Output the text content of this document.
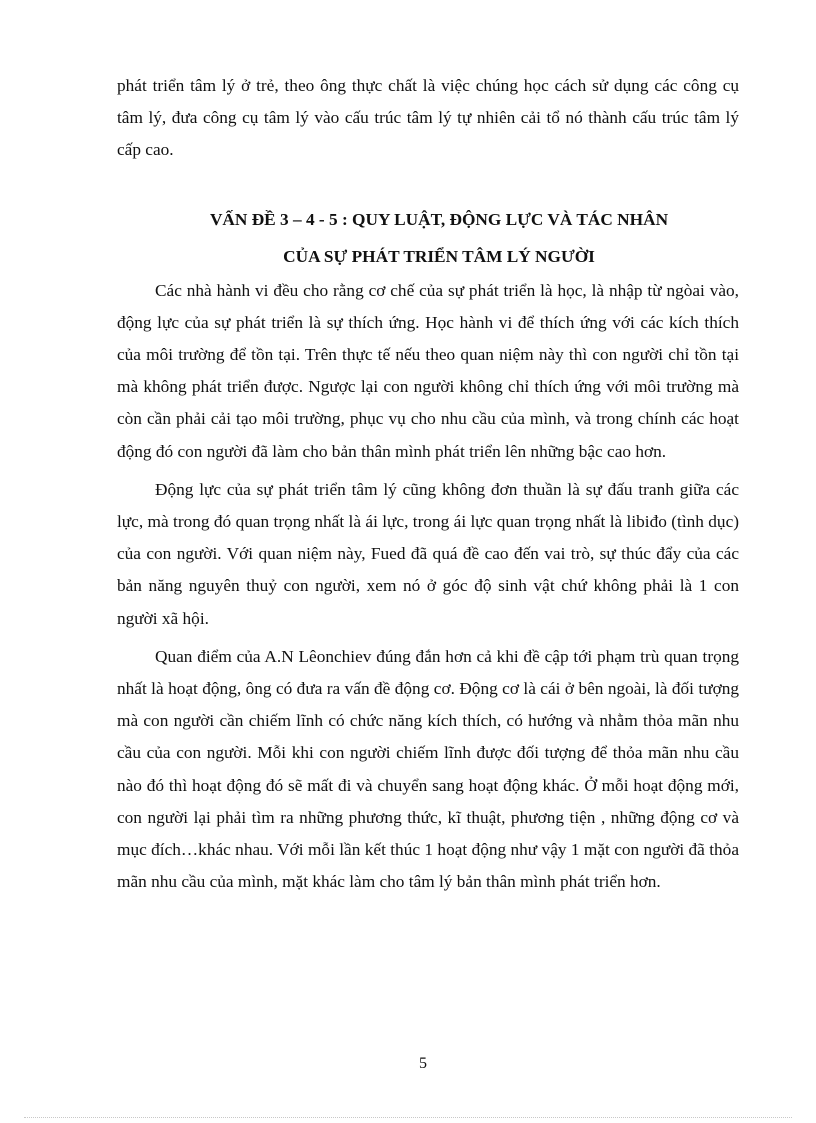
phát triển tâm lý ở trẻ, theo ông thực chất là việc chúng học cách sử dụng các công cụ tâm lý, đưa công cụ tâm lý vào cấu trúc tâm lý tự nhiên cải tổ nó thành cấu trúc tâm lý cấp cao.

VẤN ĐỀ 3 – 4 - 5 : QUY LUẬT, ĐỘNG LỰC VÀ TÁC NHÂN

CỦA SỰ PHÁT TRIỂN TÂM LÝ NGƯỜI

Các nhà hành vi đều cho rằng cơ chế của sự phát triển là học, là nhập từ ngòai vào, động lực của sự phát triển là sự thích ứng. Học hành vi để thích ứng với các kích thích của môi trường để tồn tại. Trên thực tế nếu theo quan niệm này thì con người chỉ tồn tại mà không phát triển được. Ngược lại con người không chỉ thích ứng với môi trường mà còn cần phải cải tạo môi trường, phục vụ cho nhu cầu của mình, và trong chính các hoạt động đó con người đã làm cho bản thân mình phát triển lên những bậc cao hơn.

Động lực của sự phát triển tâm lý cũng không đơn thuần là sự đấu tranh giữa các lực, mà trong đó quan trọng nhất là ái lực, trong ái lực quan trọng nhất là libiđo (tình dục) của con người. Với quan niệm này, Fued đã quá đề cao đến vai trò, sự thúc đẩy của các bản năng nguyên thuỷ con người, xem nó ở góc độ sinh vật chứ không phải là 1 con người xã hội.

Quan điểm của A.N Lêonchiev đúng đắn hơn cả khi đề cập tới phạm trù quan trọng nhất là hoạt động, ông có đưa ra vấn đề động cơ. Động cơ là cái ở bên ngoài, là đối tượng mà con người cần chiếm lĩnh có chức năng kích thích, có hướng và nhằm thỏa mãn nhu cầu của con người. Mỗi khi con người chiếm lĩnh được đối tượng để thỏa mãn nhu cầu nào đó thì hoạt động đó sẽ mất đi và chuyển sang hoạt động khác. Ở mỗi hoạt động mới, con người lại phải tìm ra những phương thức, kĩ thuật, phương tiện , những động cơ và mục đích…khác nhau. Với mỗi lần kết thúc 1 hoạt động như vậy 1 mặt con người đã thỏa mãn nhu cầu của mình, mặt khác làm cho tâm lý bản thân mình phát triển hơn.

5
